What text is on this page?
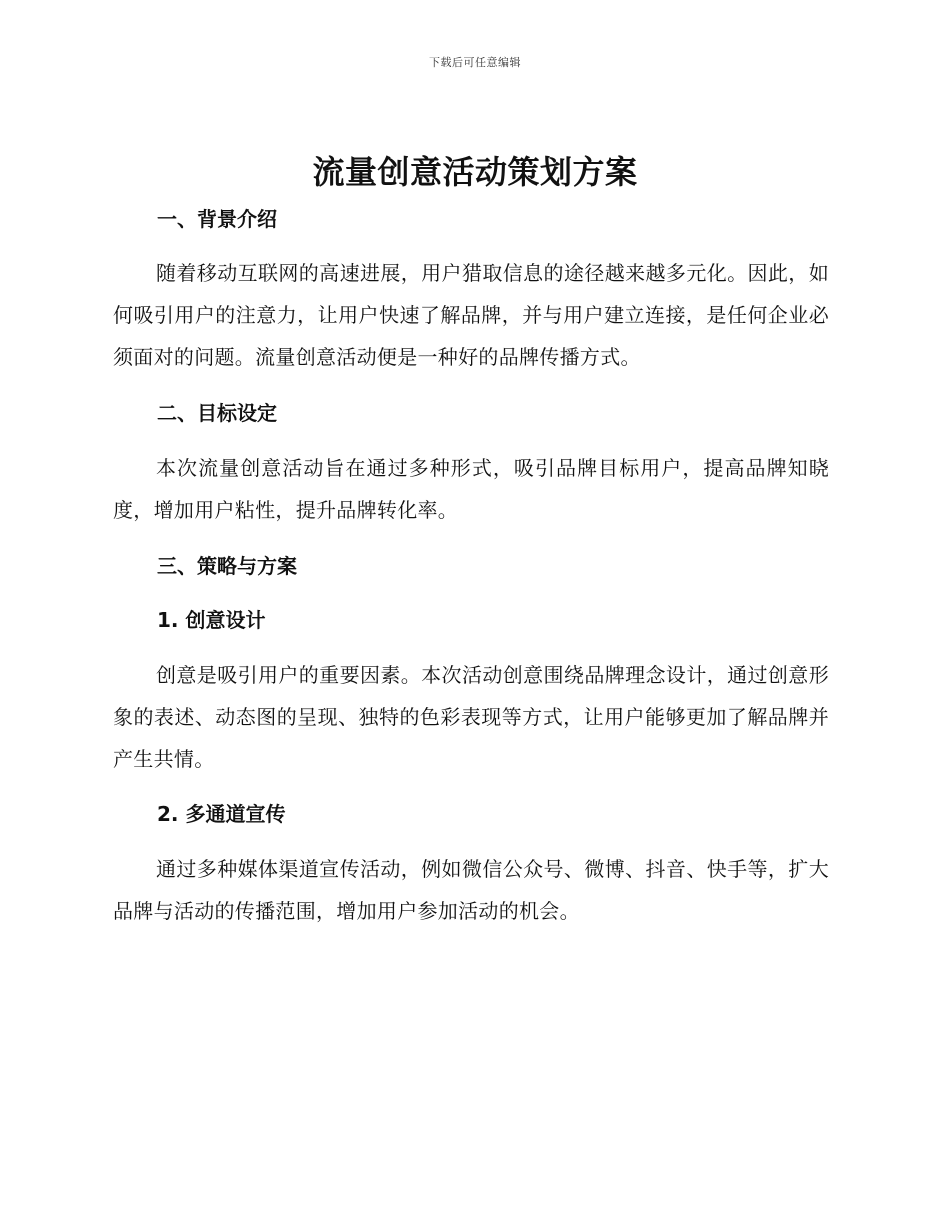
下载后可任意编辑
流量创意活动策划方案
一、背景介绍

随着移动互联网的高速进展，用户猎取信息的途径越来越多元化。因此，如何吸引用户的注意力，让用户快速了解品牌，并与用户建立连接，是任何企业必须面对的问题。流量创意活动便是一种好的品牌传播方式。

二、目标设定

本次流量创意活动旨在通过多种形式，吸引品牌目标用户，提高品牌知晓度，增加用户粘性，提升品牌转化率。

三、策略与方案
1. 创意设计

创意是吸引用户的重要因素。本次活动创意围绕品牌理念设计，通过创意形象的表述、动态图的呈现、独特的色彩表现等方式，让用户能够更加了解品牌并产生共情。

2. 多通道宣传

通过多种媒体渠道宣传活动，例如微信公众号、微博、抖音、快手等，扩大品牌与活动的传播范围，增加用户参加活动的机会。
